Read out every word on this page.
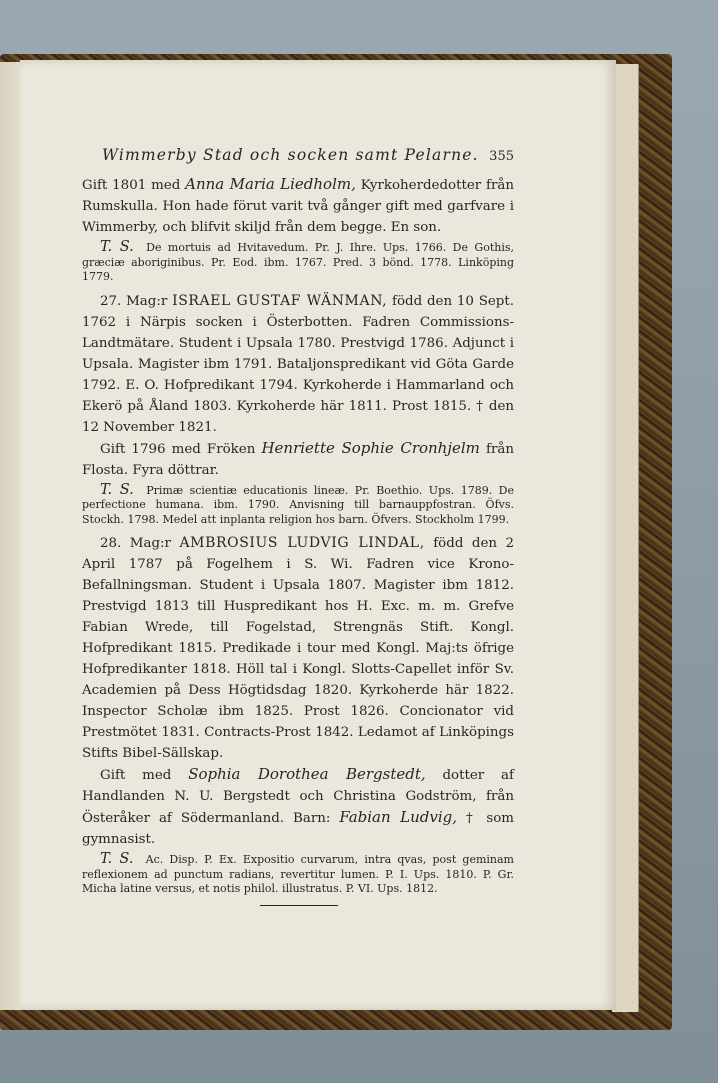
Wimmerby Stad och socken samt Pelarne. 355

Gift 1801 med Anna Maria Liedholm, Kyrkoherdedotter från Rumskulla. Hon hade förut varit två gånger gift med garfvare i Wimmerby, och blifvit skiljd från dem begge. En son.

T. S. De mortuis ad Hvitavedum. Pr. J. Ihre. Ups. 1766. De Gothis, græciæ aboriginibus. Pr. Eod. ibm. 1767. Pred. 3 bönd. 1778. Linköping 1779.

27. Mag:r ISRAEL GUSTAF WÄNMAN, född den 10 Sept. 1762 i Närpis socken i Österbotten. Fadren Commissions-Landtmätare. Student i Upsala 1780. Prestvigd 1786. Adjunct i Upsala. Magister ibm 1791. Bataljonspredikant vid Göta Garde 1792. E. O. Hofpredikant 1794. Kyrkoherde i Hammarland och Ekerö på Åland 1803. Kyrkoherde här 1811. Prost 1815. † den 12 November 1821.

Gift 1796 med Fröken Henriette Sophie Cronhjelm från Flosta. Fyra döttrar.

T. S. Primæ scientiæ educationis lineæ. Pr. Boethio. Ups. 1789. De perfectione humana. ibm. 1790. Anvisning till barnauppfostran. Öfvs. Stockh. 1798. Medel att inplanta religion hos barn. Öfvers. Stockholm 1799.

28. Mag:r AMBROSIUS LUDVIG LINDAL, född den 2 April 1787 på Fogelhem i S. Wi. Fadren vice Krono-Befallningsman. Student i Upsala 1807. Magister ibm 1812. Prestvigd 1813 till Huspredikant hos H. Exc. m. m. Grefve Fabian Wrede, till Fogelstad, Strengnäs Stift. Kongl. Hofpredikant 1815. Predikade i tour med Kongl. Maj:ts öfrige Hofpredikanter 1818. Höll tal i Kongl. Slotts-Capellet inför Sv. Academien på Dess Högtidsdag 1820. Kyrkoherde här 1822. Inspector Scholæ ibm 1825. Prost 1826. Concionator vid Prestmötet 1831. Contracts-Prost 1842. Ledamot af Linköpings Stifts Bibel-Sällskap.

Gift med Sophia Dorothea Bergstedt, dotter af Handlanden N. U. Bergstedt och Christina Godström, från Österåker af Södermanland. Barn: Fabian Ludvig, † som gymnasist.

T. S. Ac. Disp. P. Ex. Expositio curvarum, intra qvas, post geminam reflexionem ad punctum radians, revertitur lumen. P. I. Ups. 1810. P. Gr. Micha latine versus, et notis philol. illustratus. P. VI. Ups. 1812.
